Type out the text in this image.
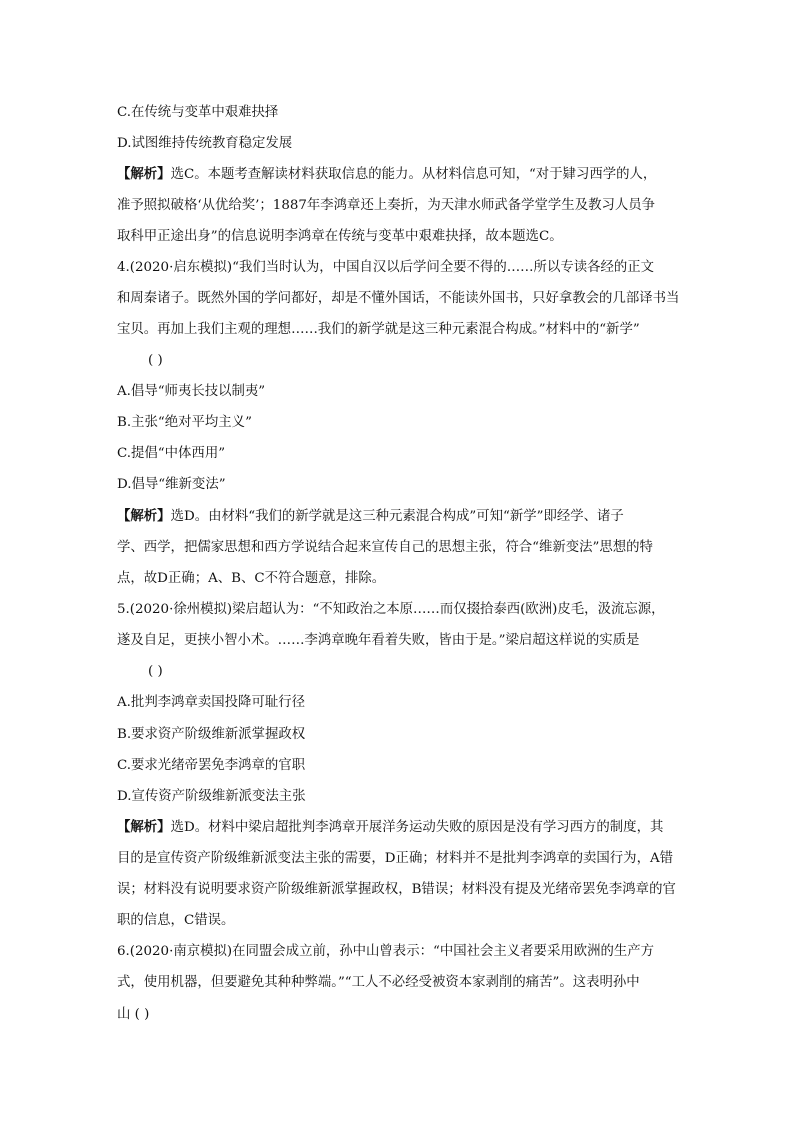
C.在传统与变革中艰难抉择
D.试图维持传统教育稳定发展
【解析】选C。本题考查解读材料获取信息的能力。从材料信息可知，“对于肄习西学的人，
准予照拟破格‘从优给奖’；1887年李鸿章还上奏折，为天津水师武备学堂学生及教习人员争
取科甲正途出身”的信息说明李鸿章在传统与变革中艰难抉择，故本题选C。
4.(2020·启东模拟)“我们当时认为，中国自汉以后学问全要不得的……所以专读各经的正文
和周秦诸子。既然外国的学问都好，却是不懂外国话，不能读外国书，只好拿教会的几部译书当
宝贝。再加上我们主观的理想……我们的新学就是这三种元素混合构成。”材料中的“新学”
( )
A.倡导“师夷长技以制夷”
B.主张“绝对平均主义”
C.提倡“中体西用”
D.倡导“维新变法”
【解析】选D。由材料“我们的新学就是这三种元素混合构成”可知“新学”即经学、诸子
学、西学，把儒家思想和西方学说结合起来宣传自己的思想主张，符合“维新变法”思想的特
点，故D正确；A、B、C不符合题意，排除。
5.(2020·徐州模拟)梁启超认为：“不知政治之本原……而仅掇拾泰西(欧洲)皮毛，汲流忘源，
遂及自足，更挟小智小术。……李鸿章晚年看着失败，皆由于是。”梁启超这样说的实质是
( )
A.批判李鸿章卖国投降可耻行径
B.要求资产阶级维新派掌握政权
C.要求光绪帝罢免李鸿章的官职
D.宣传资产阶级维新派变法主张
【解析】选D。材料中梁启超批判李鸿章开展洋务运动失败的原因是没有学习西方的制度，其
目的是宣传资产阶级维新派变法主张的需要，D正确；材料并不是批判李鸿章的卖国行为，A错
误；材料没有说明要求资产阶级维新派掌握政权，B错误；材料没有提及光绪帝罢免李鸿章的官
职的信息，C错误。
6.(2020·南京模拟)在同盟会成立前，孙中山曾表示：“中国社会主义者要采用欧洲的生产方
式，使用机器，但要避免其种种弊端。”“工人不必经受被资本家剥削的痛苦”。这表明孙中
山 ( )
